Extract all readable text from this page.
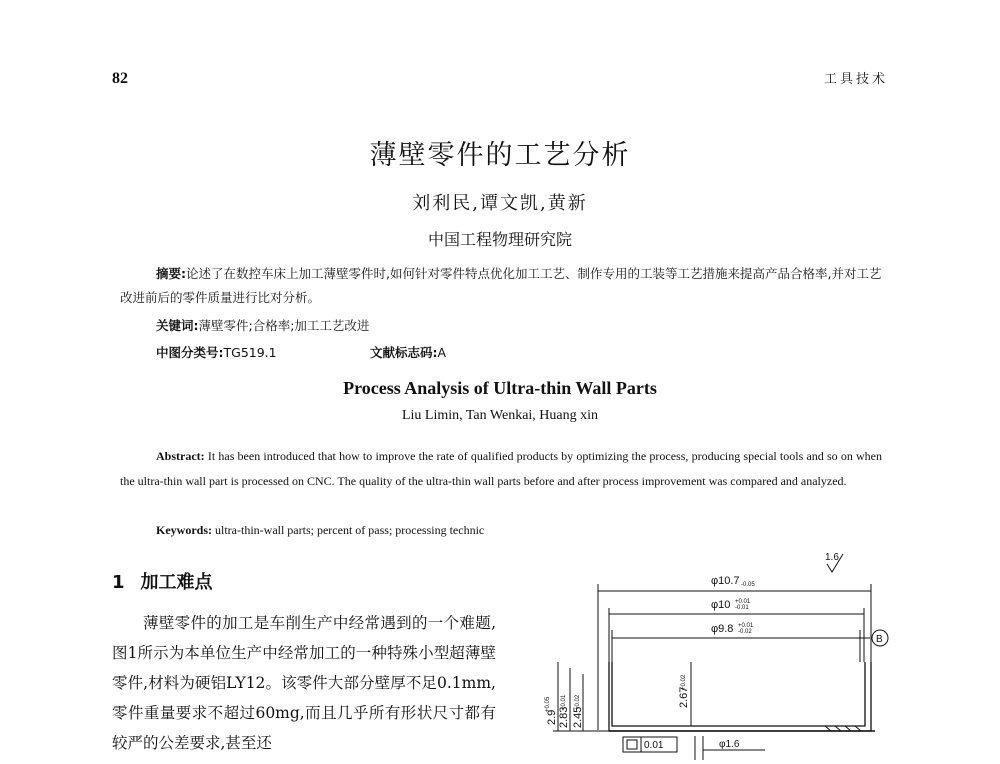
82	工具技术
薄壁零件的工艺分析
刘利民,谭文凯,黄新
中国工程物理研究院
摘要:论述了在数控车床上加工薄壁零件时,如何针对零件特点优化加工工艺、制作专用的工装等工艺措施来提高产品合格率,并对工艺改进前后的零件质量进行比对分析。
关键词:薄壁零件;合格率;加工工艺改进
中图分类号:TG519.1	文献标志码:A
Process Analysis of Ultra-thin Wall Parts
Liu Limin, Tan Wenkai, Huang xin
Abstract: It has been introduced that how to improve the rate of qualified products by optimizing the process, producing special tools and so on when the ultra-thin wall part is processed on CNC. The quality of the ultra-thin wall parts before and after process improvement was compared and analyzed.
Keywords: ultra-thin-wall parts; percent of pass; processing technic
1 加工难点
薄壁零件的加工是车削生产中经常遇到的一个难题,图1所示为本单位生产中经常加工的一种特殊小型超薄壁零件,材料为硬铝LY12。该零件大部分壁厚不足0.1mm,零件重量要求不超过60mg,而且几乎所有形状尺寸都有较严的公差要求,甚至还
1.6
φ10.7 -0.05
φ10 +0.01
-0.01
φ9.8 +0.01
-0.02
B
2.9
+0.05
2.83
+0.01
2.45
+0.02	2.67
+0.02
0.01	φ1.6
